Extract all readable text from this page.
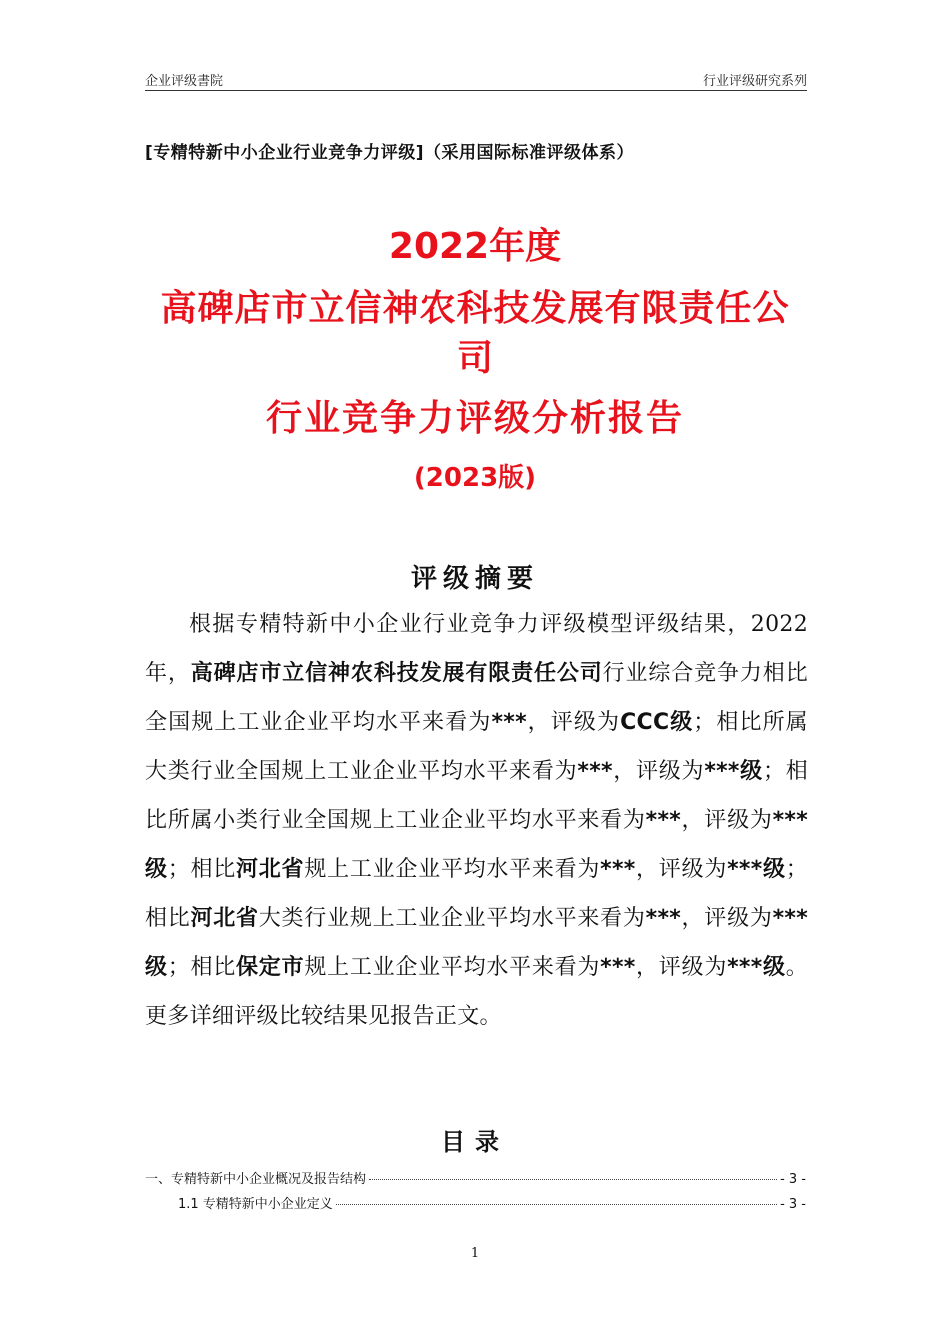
企业评级書院	行业评级研究系列
[专精特新中小企业行业竞争力评级]（采用国际标准评级体系）
2022年度
高碑店市立信神农科技发展有限责任公
司
行业竞争力评级分析报告
(2023版)
评级摘要
根据专精特新中小企业行业竞争力评级模型评级结果，2022年，高碑店市立信神农科技发展有限责任公司行业综合竞争力相比全国规上工业企业平均水平来看为***，评级为CCC级；相比所属大类行业全国规上工业企业平均水平来看为***，评级为***级；相比所属小类行业全国规上工业企业平均水平来看为***，评级为***级；相比河北省规上工业企业平均水平来看为***，评级为***级；相比河北省大类行业规上工业企业平均水平来看为***，评级为***级；相比保定市规上工业企业平均水平来看为***，评级为***级。更多详细评级比较结果见报告正文。
目录
一、专精特新中小企业概况及报告结构	- 3 -
1.1 专精特新中小企业定义	- 3 -
1
